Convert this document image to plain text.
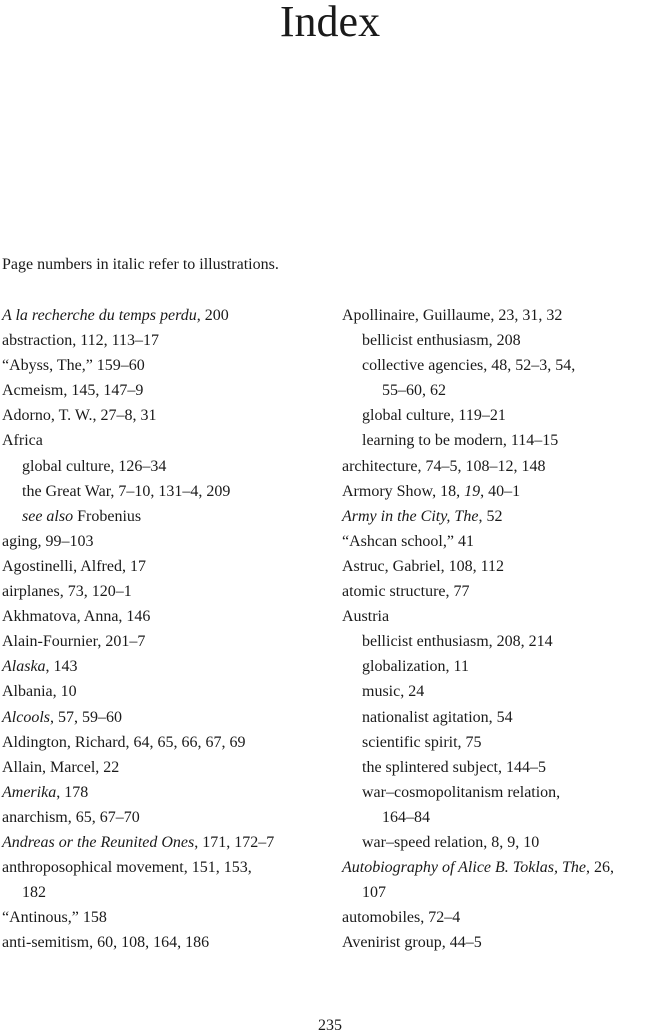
Index
Page numbers in italic refer to illustrations.
A la recherche du temps perdu, 200
abstraction, 112, 113–17
“Abyss, The,” 159–60
Acmeism, 145, 147–9
Adorno, T. W., 27–8, 31
Africa
global culture, 126–34
the Great War, 7–10, 131–4, 209
see also Frobenius
aging, 99–103
Agostinelli, Alfred, 17
airplanes, 73, 120–1
Akhmatova, Anna, 146
Alain-Fournier, 201–7
Alaska, 143
Albania, 10
Alcools, 57, 59–60
Aldington, Richard, 64, 65, 66, 67, 69
Allain, Marcel, 22
Amerika, 178
anarchism, 65, 67–70
Andreas or the Reunited Ones, 171, 172–7
anthroposophical movement, 151, 153,
182
“Antinous,” 158
anti-semitism, 60, 108, 164, 186
Apollinaire, Guillaume, 23, 31, 32
bellicist enthusiasm, 208
collective agencies, 48, 52–3, 54,
55–60, 62
global culture, 119–21
learning to be modern, 114–15
architecture, 74–5, 108–12, 148
Armory Show, 18, 19, 40–1
Army in the City, The, 52
“Ashcan school,” 41
Astruc, Gabriel, 108, 112
atomic structure, 77
Austria
bellicist enthusiasm, 208, 214
globalization, 11
music, 24
nationalist agitation, 54
scientific spirit, 75
the splintered subject, 144–5
war–cosmopolitanism relation,
164–84
war–speed relation, 8, 9, 10
Autobiography of Alice B. Toklas, The, 26,
107
automobiles, 72–4
Avenirist group, 44–5
235
